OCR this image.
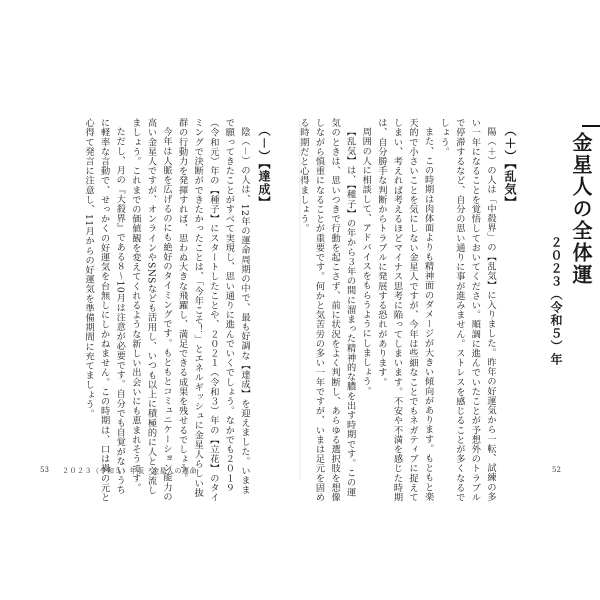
金星人の全体運
２０２３（令和５）年
（＋）【乱気】

陽（＋）の人は「中殺界」の【乱気】に入りました。昨年の好運気から一転、試練の多い一年になることを覚悟しておいてください。順調に進んでいたことが予想外のトラブルで停滞するなど、自分の思い通りに事が進みません。ストレスを感じることが多くなるでしょう。

また、この時期は肉体面よりも精神面のダメージが大きい傾向があります。もともと楽天的で小さいことを気にしない金星人ですが、今年は些細なことでもネガティブに捉えてしまい、考えれば考えるほどマイナス思考に陥ってしまいます。不安や不満を感じた時期は、自分勝手な判断からトラブルに発展する恐れがあります。

周囲の人に相談して、アドバイスをもらうようにしましょう。

【乱気】は、【種子】の年から３年の間に溜まった精神的な膿を出す時期です。この運気のときは、思いつきで行動を起こさず、前に状況をよく判断し、あらゆる選択肢を想像しながら慎重になることが重要です。何かと気苦労の多い一年ですが、いまは足元を固める時期だと心得ましょう。

52
（－）【達成】

陰（－）の人は、12年の運命周期の中で、最も好調な【達成】を迎えました。いままで願ってきたことがすべて実現し、思い通りに進んでいくでしょう。なかでも２０１９（令和元）年の【種子】にスタートしたことや、２０２１（令和３）年の【立花】のタイミングで決断ができたかったことは、「今年こそ！」とエネルギッシュに金星人らしい抜群の行動力を発揮すれば、思わぬ大きな飛躍し、満足できる成果を残せるでしょう。

今年は人脈を広げるのにも絶好のタイミングです。もともとコミュニケーション能力の高い金星人ですが、オンラインやSNSなども活用し、いつも以上に積極的に人と交流しましょう。これまでの価値観を変えてくれるような新しい出会いにも恵まれそうです。

ただし、月の『大殺界』である８〜10月は注意が必要です。自分でも自覚がないうちに軽率な言動で、せっかくの好運気を台無しにしかねません。この時期は、口は禍の元と心得て発言に注意し、11月からの好運気を準備期間に充てましょう。

53 ２０２３（令和５）年版　金星人の運命
